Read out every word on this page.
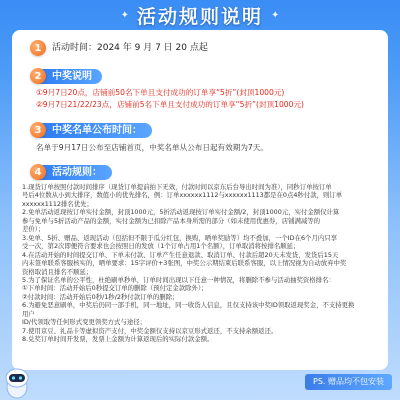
✦ 活动规则说明 ✦
1	活动时间：2024 年 9 月 7 日 20 点起
2	中奖说明
①9月7日20点，店铺前50名下单且支付成功的订单享“5折”(封顶1000元)
②9月7日21/22/23点，店铺前5名下单且支付成功的订单享“5折”(封顶1000元)
3	中奖名单公布时间：
名单于9月17日公布至店铺首页，中奖名单从公布日起有效期为7天。
4	活动规则：
1.现货订单按照付款时间排序（现货订单提前拍下无效，付款时间以京东后台导出时间为准），同秒订单按订单
号后4位数从小到大排序，数值小的优先排名，例：订单xxxxxx1112与xxxxxx1113都是在0点4秒付款，则订单
xxxxxx1112排名优先；
2.免单活动返现按订单实付金额，封顶1000元，5折活动返现按订单实付金额/2，封顶1000元，实付金额仅计算
参与免单与5折活动产品的金额，实付金额为已扣除产品本身所需的部分（如未使用优惠券，店铺满减等的
差价）；
3.免单、5折、赠品、返现活动（包括但不限于瓜分红包，换购，晒单奖励等）均不叠加，一个ID在6个月内只享
受一次，第2次即便符合要求也会按照日的发放（1个订单占用1个名额），订单取消将按排名顺延；
4.在活动开始的时间提交订单、下单未付款、订单产生任意退款、取消订单、付款后超20天未发货，发货后15天
内未签单联系客服核实的，晒单要求：15字评价+3张图，中奖公示期结束后联系客服，以上情况视为自动放弃中奖
资格取消且排名不顺延；
5.为了保证名单的公平性，杜绝刷单秒单，订单时间出现以下任意一种情况，将删除不参与活动抽奖资格排名：
①下单时间：活动开始后0秒提交订单的删除（预付定金款除外）；
②付款时间：活动开始后0秒/1秒/2秒付款订单的删除；
6.为避免恶意刷单，中奖后仍同一部手机，同一地址，同一收货人信息，且仅支持该中奖ID领取返现奖金，不支持更换用户
ID/代领取等任何形式变更领奖方式与途径；
7.使用京豆、礼品卡等虚拟资产支付，中奖金额仅支持以京豆形式返还，不支持余额返还。
8.兑奖订单时间开发票，发票上金额为计算返现后的实际付款金额。
PS. 赠品均不包安装
